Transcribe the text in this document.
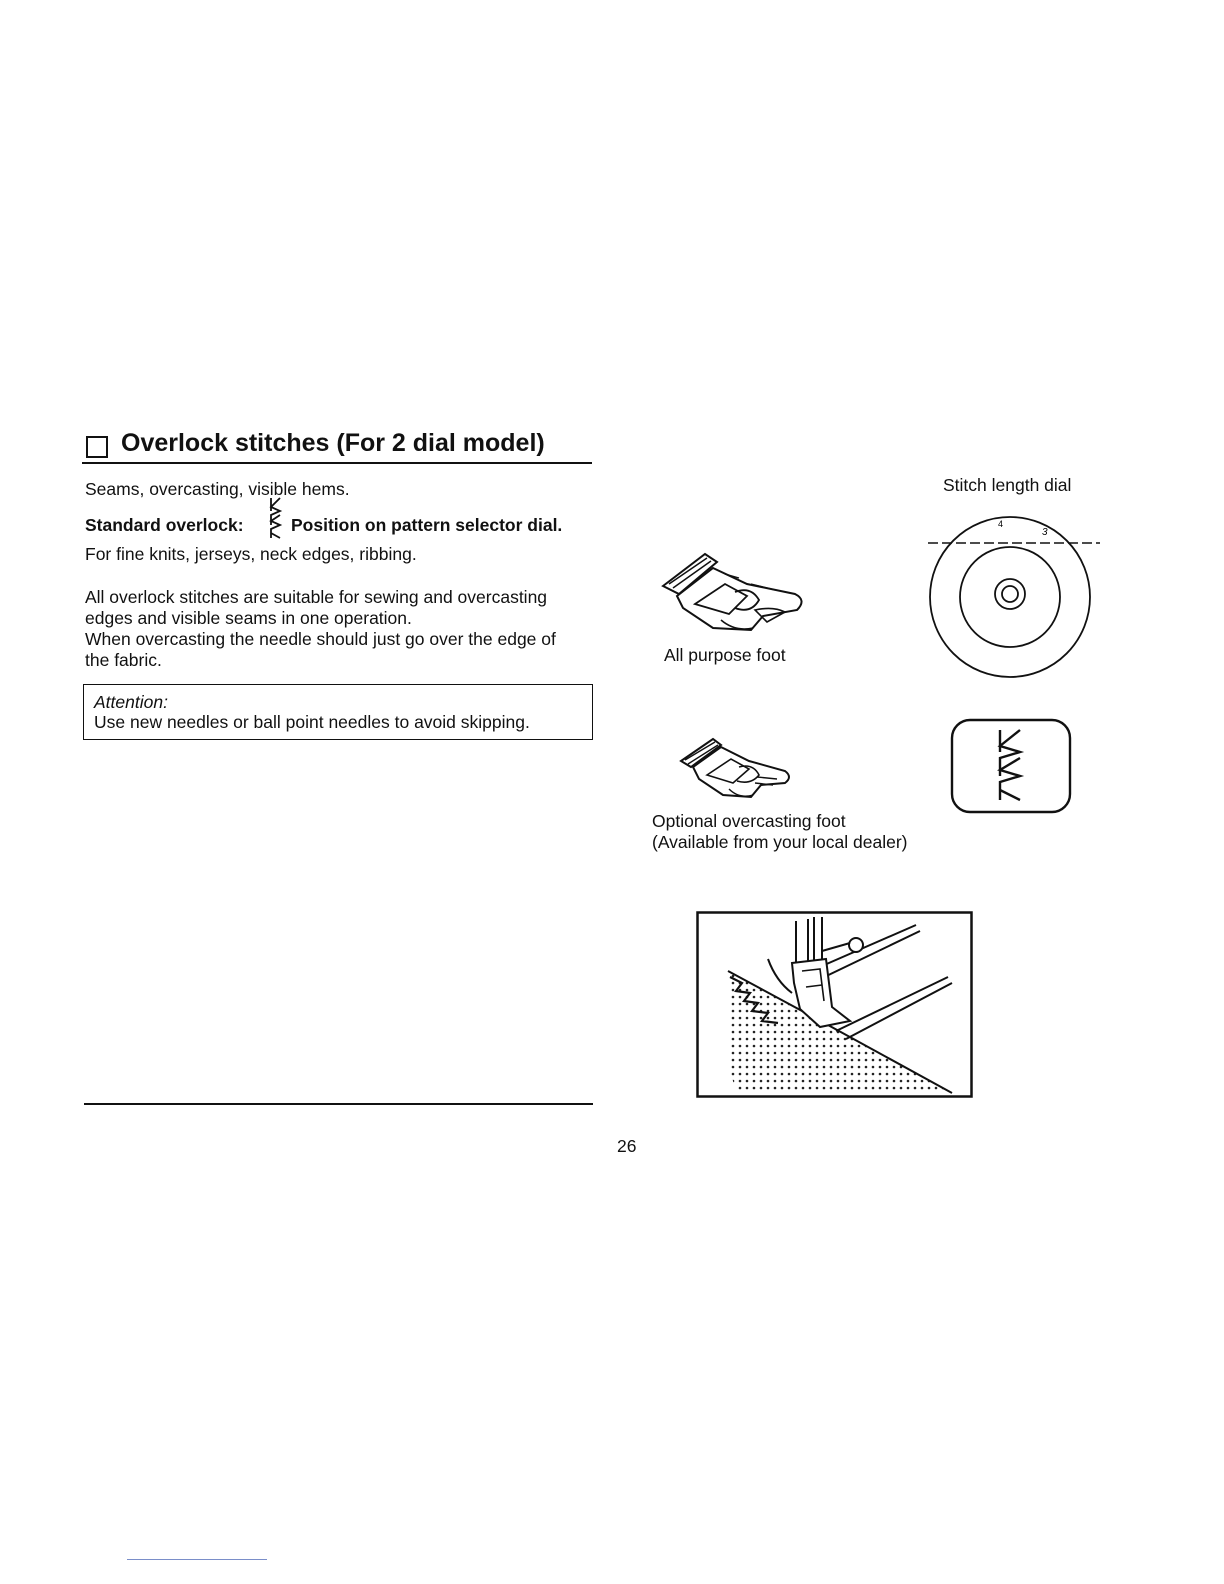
Overlock stitches (For 2 dial model)
Seams, overcasting, visible hems.
Standard overlock:	Position on pattern selector dial.
For fine knits, jerseys, neck edges, ribbing.
All overlock stitches are suitable for sewing and overcasting
edges and visible seams in one operation.
When overcasting the needle should just go over the edge of
the fabric.
Attention:
Use new needles or ball point needles to avoid skipping.
Stitch length dial
4
3
All purpose foot
Optional overcasting foot
(Available from your local dealer)
26
